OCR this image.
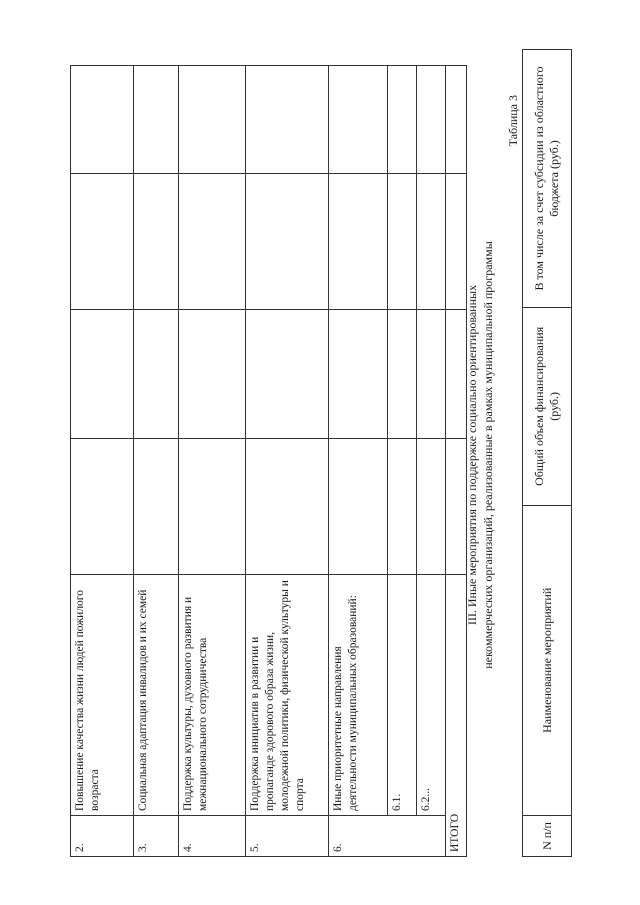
2.	Повышение качества жизни людей пожилого возраста				
3.	Социальная адаптация инвалидов и их семей				
4.	Поддержка культуры, духовного развития и межнационального сотрудничества				
5.	Поддержка инициатив в развитии и пропаганде здорового образа жизни, молодежной политики, физической культуры и спорта				
6.	Иные приоритетные направления деятельности муниципальных образований:				
	6.1.				
	6.2...				
ИТОГО					
III. Иные мероприятия по поддержке социально ориентированных некоммерческих организаций, реализованные в рамках муниципальной программы
Таблица 3
N п/п	Наименование мероприятий	Общий объем финансирования (руб.)	В том числе за счет субсидии из областного бюджета (руб.)
